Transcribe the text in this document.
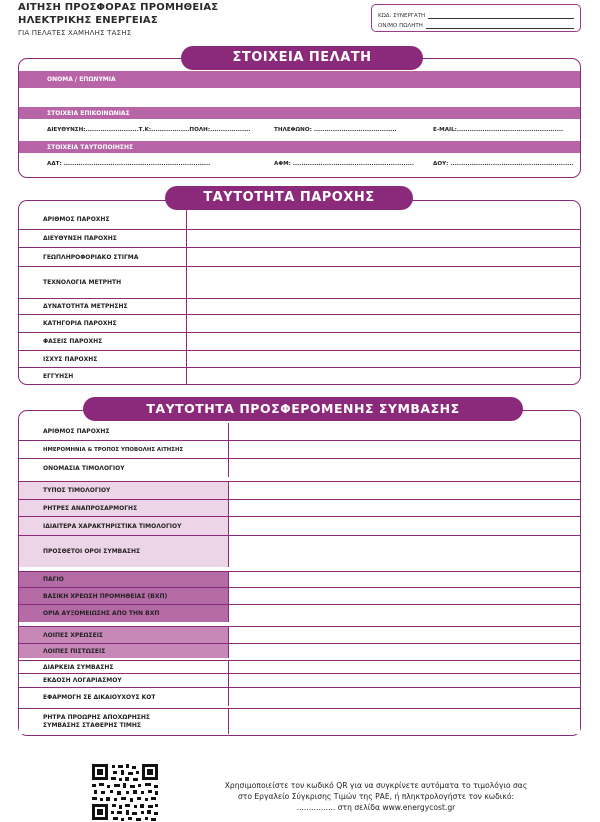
ΑΙΤΗΣΗ ΠΡΟΣΦΟΡΑΣ ΠΡΟΜΗΘΕΙΑΣ
ΗΛΕΚΤΡΙΚΗΣ ΕΝΕΡΓΕΙΑΣ
ΓΙΑ ΠΕΛΑΤΕΣ ΧΑΜΗΛΗΣ ΤΑΣΗΣ
ΚΩΔ. ΣΥΝΕΡΓΑΤΗ
ΟΝ/ΜΟ ΠΩΛΗΤΗ
ΣΤΟΙΧΕΙΑ ΠΕΛΑΤΗ
ΟΝΟΜΑ / ΕΠΩΝΥΜΙΑ
ΣΤΟΙΧΕΙΑ ΕΠΙΚΟΙΝΩΝΙΑΣ
ΔΙΕΥΘΥΝΣΗ:.........................Τ.Κ:..................ΠΟΛΗ:...................	ΤΗΛΕΦΩΝΟ: .......................................	E-MAIL:..................................................
ΣΤΟΙΧΕΙΑ ΤΑΥΤΟΠΟΙΗΣΗΣ
ΑΔΤ: .....................................................................	ΑΦΜ: .........................................................	ΔΟΥ: ..........................................................
ΤΑΥΤΟΤΗΤΑ ΠΑΡΟΧΗΣ
ΑΡΙΘΜΟΣ ΠΑΡΟΧΗΣ
ΔΙΕΥΘΥΝΣΗ ΠΑΡΟΧΗΣ
ΓΕΩΠΛΗΡΟΦΟΡΙΑΚΟ ΣΤΙΓΜΑ
ΤΕΧΝΟΛΟΓΙΑ ΜΕΤΡΗΤΗ
ΔΥΝΑΤΟΤΗΤΑ ΜΕΤΡΗΣΗΣ
ΚΑΤΗΓΟΡΙΑ ΠΑΡΟΧΗΣ
ΦΑΣΕΙΣ ΠΑΡΟΧΗΣ
ΙΣΧΥΣ ΠΑΡΟΧΗΣ
ΕΓΓΥΗΣΗ
ΤΑΥΤΟΤΗΤΑ ΠΡΟΣΦΕΡΟΜΕΝΗΣ ΣΥΜΒΑΣΗΣ
ΑΡΙΘΜΟΣ ΠΑΡΟΧΗΣ
ΗΜΕΡΟΜΗΝΙΑ & ΤΡΟΠΟΣ ΥΠΟΒΟΛΗΣ ΑΙΤΗΣΗΣ
ΟΝΟΜΑΣΙΑ ΤΙΜΟΛΟΓΙΟΥ
ΤΥΠΟΣ ΤΙΜΟΛΟΓΙΟΥ
ΡΗΤΡΕΣ ΑΝΑΠΡΟΣΑΡΜΟΓΗΣ
ΙΔΙΑΙΤΕΡΑ ΧΑΡΑΚΤΗΡΙΣΤΙΚΑ ΤΙΜΟΛΟΓΙΟΥ
ΠΡΟΣΘΕΤΟΙ ΟΡΟΙ ΣΥΜΒΑΣΗΣ
ΠΑΓΙΟ
ΒΑΣΙΚΗ ΧΡΕΩΣΗ ΠΡΟΜΗΘΕΙΑΣ (ΒΧΠ)
ΟΡΙΑ ΑΥΞΟΜΕΙΩΣΗΣ ΑΠΟ ΤΗΝ ΒΧΠ
ΛΟΙΠΕΣ ΧΡΕΩΣΕΙΣ
ΛΟΙΠΕΣ ΠΙΣΤΩΣΕΙΣ
ΔΙΑΡΚΕΙΑ ΣΥΜΒΑΣΗΣ
ΕΚΔΟΣΗ ΛΟΓΑΡΙΑΣΜΟΥ
ΕΦΑΡΜΟΓΗ ΣΕ ΔΙΚΑΙΟΥΧΟΥΣ ΚΟΤ
ΡΗΤΡΑ ΠΡΟΩΡΗΣ ΑΠΟΧΩΡΗΣΗΣ
ΣΥΜΒΑΣΗΣ ΣΤΑΘΕΡΗΣ ΤΙΜΗΣ
Χρησιμοποιείστε τον κωδικό QR για να συγκρίνετε αυτόματα το τιμολόγιο σας
στο Εργαλείο Σύγκρισης Τιμών της ΡΑΕ, ή πληκτρολογήστε τον κωδικό:
................ στη σελίδα www.energycost.gr
